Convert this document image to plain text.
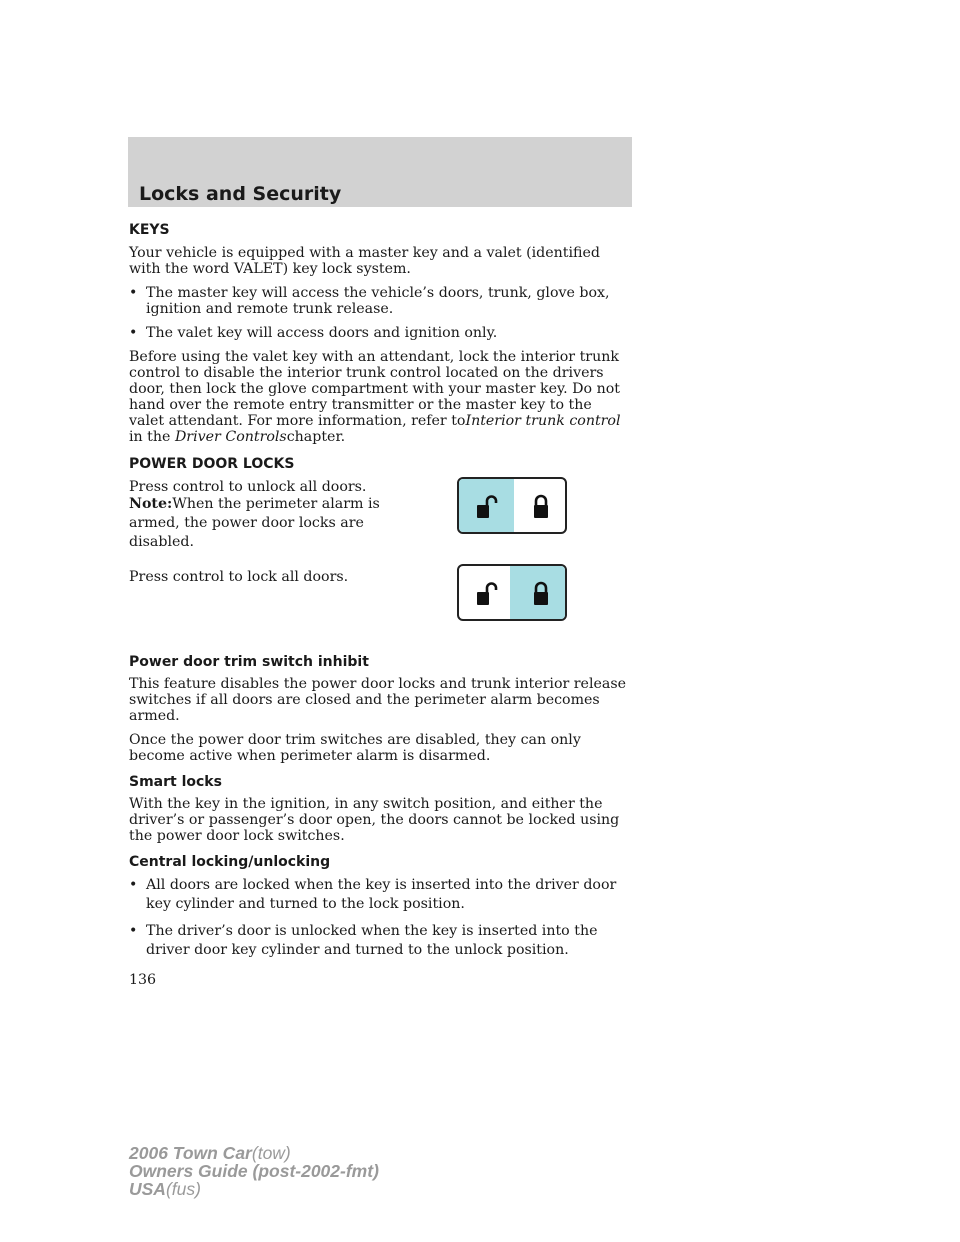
Locks and Security
KEYS

Your vehicle is equipped with a master key and a valet (identified with the word VALET) key lock system.

• The master key will access the vehicle’s doors, trunk, glove box, ignition and remote trunk release.
• The valet key will access doors and ignition only.

Before using the valet key with an attendant, lock the interior trunk control to disable the interior trunk control located on the drivers door, then lock the glove compartment with your master key. Do not hand over the remote entry transmitter or the master key to the valet attendant. For more information, refer toInterior trunk control in the Driver Controlschapter.

POWER DOOR LOCKS

Press control to unlock all doors.

Note:When the perimeter alarm is armed, the power door locks are disabled.

Press control to lock all doors.

Power door trim switch inhibit

This feature disables the power door locks and trunk interior release switches if all doors are closed and the perimeter alarm becomes armed.

Once the power door trim switches are disabled, they can only become active when perimeter alarm is disarmed.

Smart locks

With the key in the ignition, in any switch position, and either the driver’s or passenger’s door open, the doors cannot be locked using the power door lock switches.

Central locking/unlocking
• All doors are locked when the key is inserted into the driver door key cylinder and turned to the lock position.
• The driver’s door is unlocked when the key is inserted into the driver door key cylinder and turned to the unlock position.
136
2006 Town Car(tow)
Owners Guide (post-2002-fmt)
USA(fus)
